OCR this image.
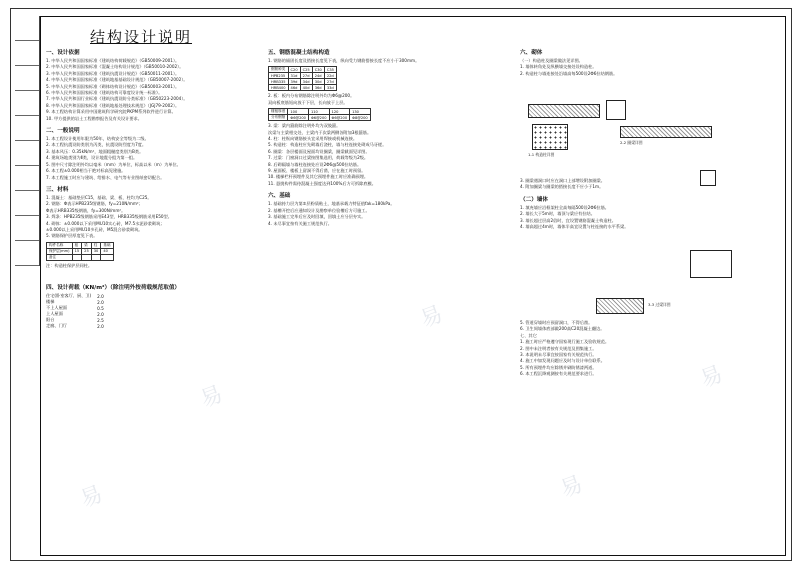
结构设计说明
一、设计依据
1. 中华人民共和国国家标准《建筑结构荷载规范》（GB50009-2001）。
2. 中华人民共和国国家标准《混凝土结构设计规范》（GB50010-2002）。
3. 中华人民共和国国家标准《建筑抗震设计规范》（GB50011-2001）。
4. 中华人民共和国国家标准《建筑地基基础设计规范》（GB50007-2002）。
5. 中华人民共和国国家标准《砌体结构设计规范》（GB50003-2001）。
6. 中华人民共和国国家标准《建筑结构可靠度设计统一标准》。
7. 中华人民共和国行业标准《建筑抗震设防分类标准》（GB50223-2004）。
8. 中华人民共和国国家标准《建筑地基处理技术规范》（JGJ79-2002）。
9. 本工程结构计算采用中国建筑科学研究院PKPM系列软件进行计算。
10. 甲方提供的岩土工程勘察报告及有关设计要求。
二、一般说明
1. 本工程设计使用年限为50年，结构安全等级为二级。
2. 本工程抗震设防类别为丙类，抗震设防烈度为7度。
3. 基本风压：0.35kN/m²，地面粗糙度类别为B类。
4. 建筑场地类别为Ⅱ类，设计地震分组为第一组。
5. 图中尺寸除注明外均以毫米（mm）为单位，标高以米（m）为单位。
6. 本工程±0.000相当于绝对标高见建施。
7. 本工程施工时应与建筑、给排水、电气等专业图纸密切配合。
三、材料
1. 混凝土：基础垫层C15，基础、梁、板、柱均为C25。
2. 钢筋：Φ表示HPB235级钢筋，fy=210N/mm²；
Φ表示HRB335级钢筋，fy=300N/mm²。
3. 焊条：HPB235级钢筋采用E43型，HRB335级钢筋采用E50型。
4. 砌体：±0.000以下采用MU10实心砖，M7.5水泥砂浆砌筑；
±0.000以上采用MU10多孔砖，M5混合砂浆砌筑。
5. 钢筋保护层厚度见下表。
构件名称	板	梁	柱	基础
保护层(mm)	15	25	30	40
备注				
注：构造柱保护层同柱。
四、设计荷载（KN/m²）（除注明外按荷载规范取值）
住宅(卧室客厅、厨、卫)	2.0
楼梯	2.0
不上人屋面	0.5
上人屋面	2.0
阳台	2.5
走廊、门厅	2.0
五、钢筋混凝土结构构造
1. 钢筋的锚固长度及搭接长度见下表，纵向受力钢筋搭接长度不应小于300mm。
钢筋种类	C20	C25	C30	C35
HPB235	31d	27d	24d	22d
HRB335	39d	34d	30d	27d
HRB400	46d	40d	36d	33d
2. 板：板内分布钢筋除注明外均为Φ6@200。
双向板底筋短向放于下层，长向放于上层。
楼板厚度	100	110	120	130
分布钢筋	Φ6@200	Φ6@200	Φ6@200	Φ8@200
3. 梁：梁内箍筋除注明外均为双肢箍。
次梁与主梁相交处，主梁内于次梁两侧各附加3根箍筋。
4. 柱：柱纵向钢筋接头宜采用焊接或机械连接。
5. 构造柱：构造柱应先砌墙后浇柱，墙与柱连接处砌成马牙槎。
6. 圈梁：各层楼面及屋面均设圈梁，圈梁截面见详图。
7. 过梁：门窗洞口过梁按图集选用，荷载等级为2级。
8. 后砌隔墙与墙柱连接处应设2Φ6@500拉结筋。
9. 屋面板、楼板上留洞不得后凿，应在施工时预留。
10. 楼梯栏杆预埋件及其它预埋件施工时应准确预埋。
11. 悬挑构件需待混凝土强度达到100%后方可拆除底模。
六、基础
1. 基础持力层为第②层粉质粘土，地基承载力特征值fak=180kPa。
2. 基槽开挖后应通知设计及勘察单位验槽后方可施工。
3. 基础施工完毕后应及时回填，回填土应分层夯实。
4. 未尽事宜按有关施工规范执行。
六、砌体
（一）构造柱及圈梁做法见详图。
1. 墙体转角处及纵横墙交接处设构造柱。
2. 构造柱与墙连接处沿墙高每500设2Φ6拉结钢筋。
1-1 构造柱详图
2-2 圈梁详图
3. 圈梁遇洞口时应在洞口上部增设附加圈梁。
4. 附加圈梁与圈梁的搭接长度不应小于1m。
（二）墙体
1. 填充墙应沿框架柱全高每隔500设2Φ6拉筋。
2. 墙长大于5m时，墙顶与梁应有拉结。
3. 墙长超过层高2倍时，宜设置钢筋混凝土构造柱。
4. 墙高超过4m时，墙体半高宜设置与柱连接的水平系梁。
3-3 过梁详图
5. 管道穿墙时应预留洞口，不得后凿。
6. 卫生间墙体底部做200高C20混凝土翻边。
七、其它
1. 施工时应严格遵守国家现行施工及验收规范。
2. 图中未注明者按有关规范及图集施工。
3. 本说明未尽事宜按国家有关规范执行。
4. 施工中如发现问题应及时与设计单位联系。
5. 所有预埋件均应除锈并刷防锈漆两道。
6. 本工程沉降观测按有关规范要求进行。
易
易
易
易
易
